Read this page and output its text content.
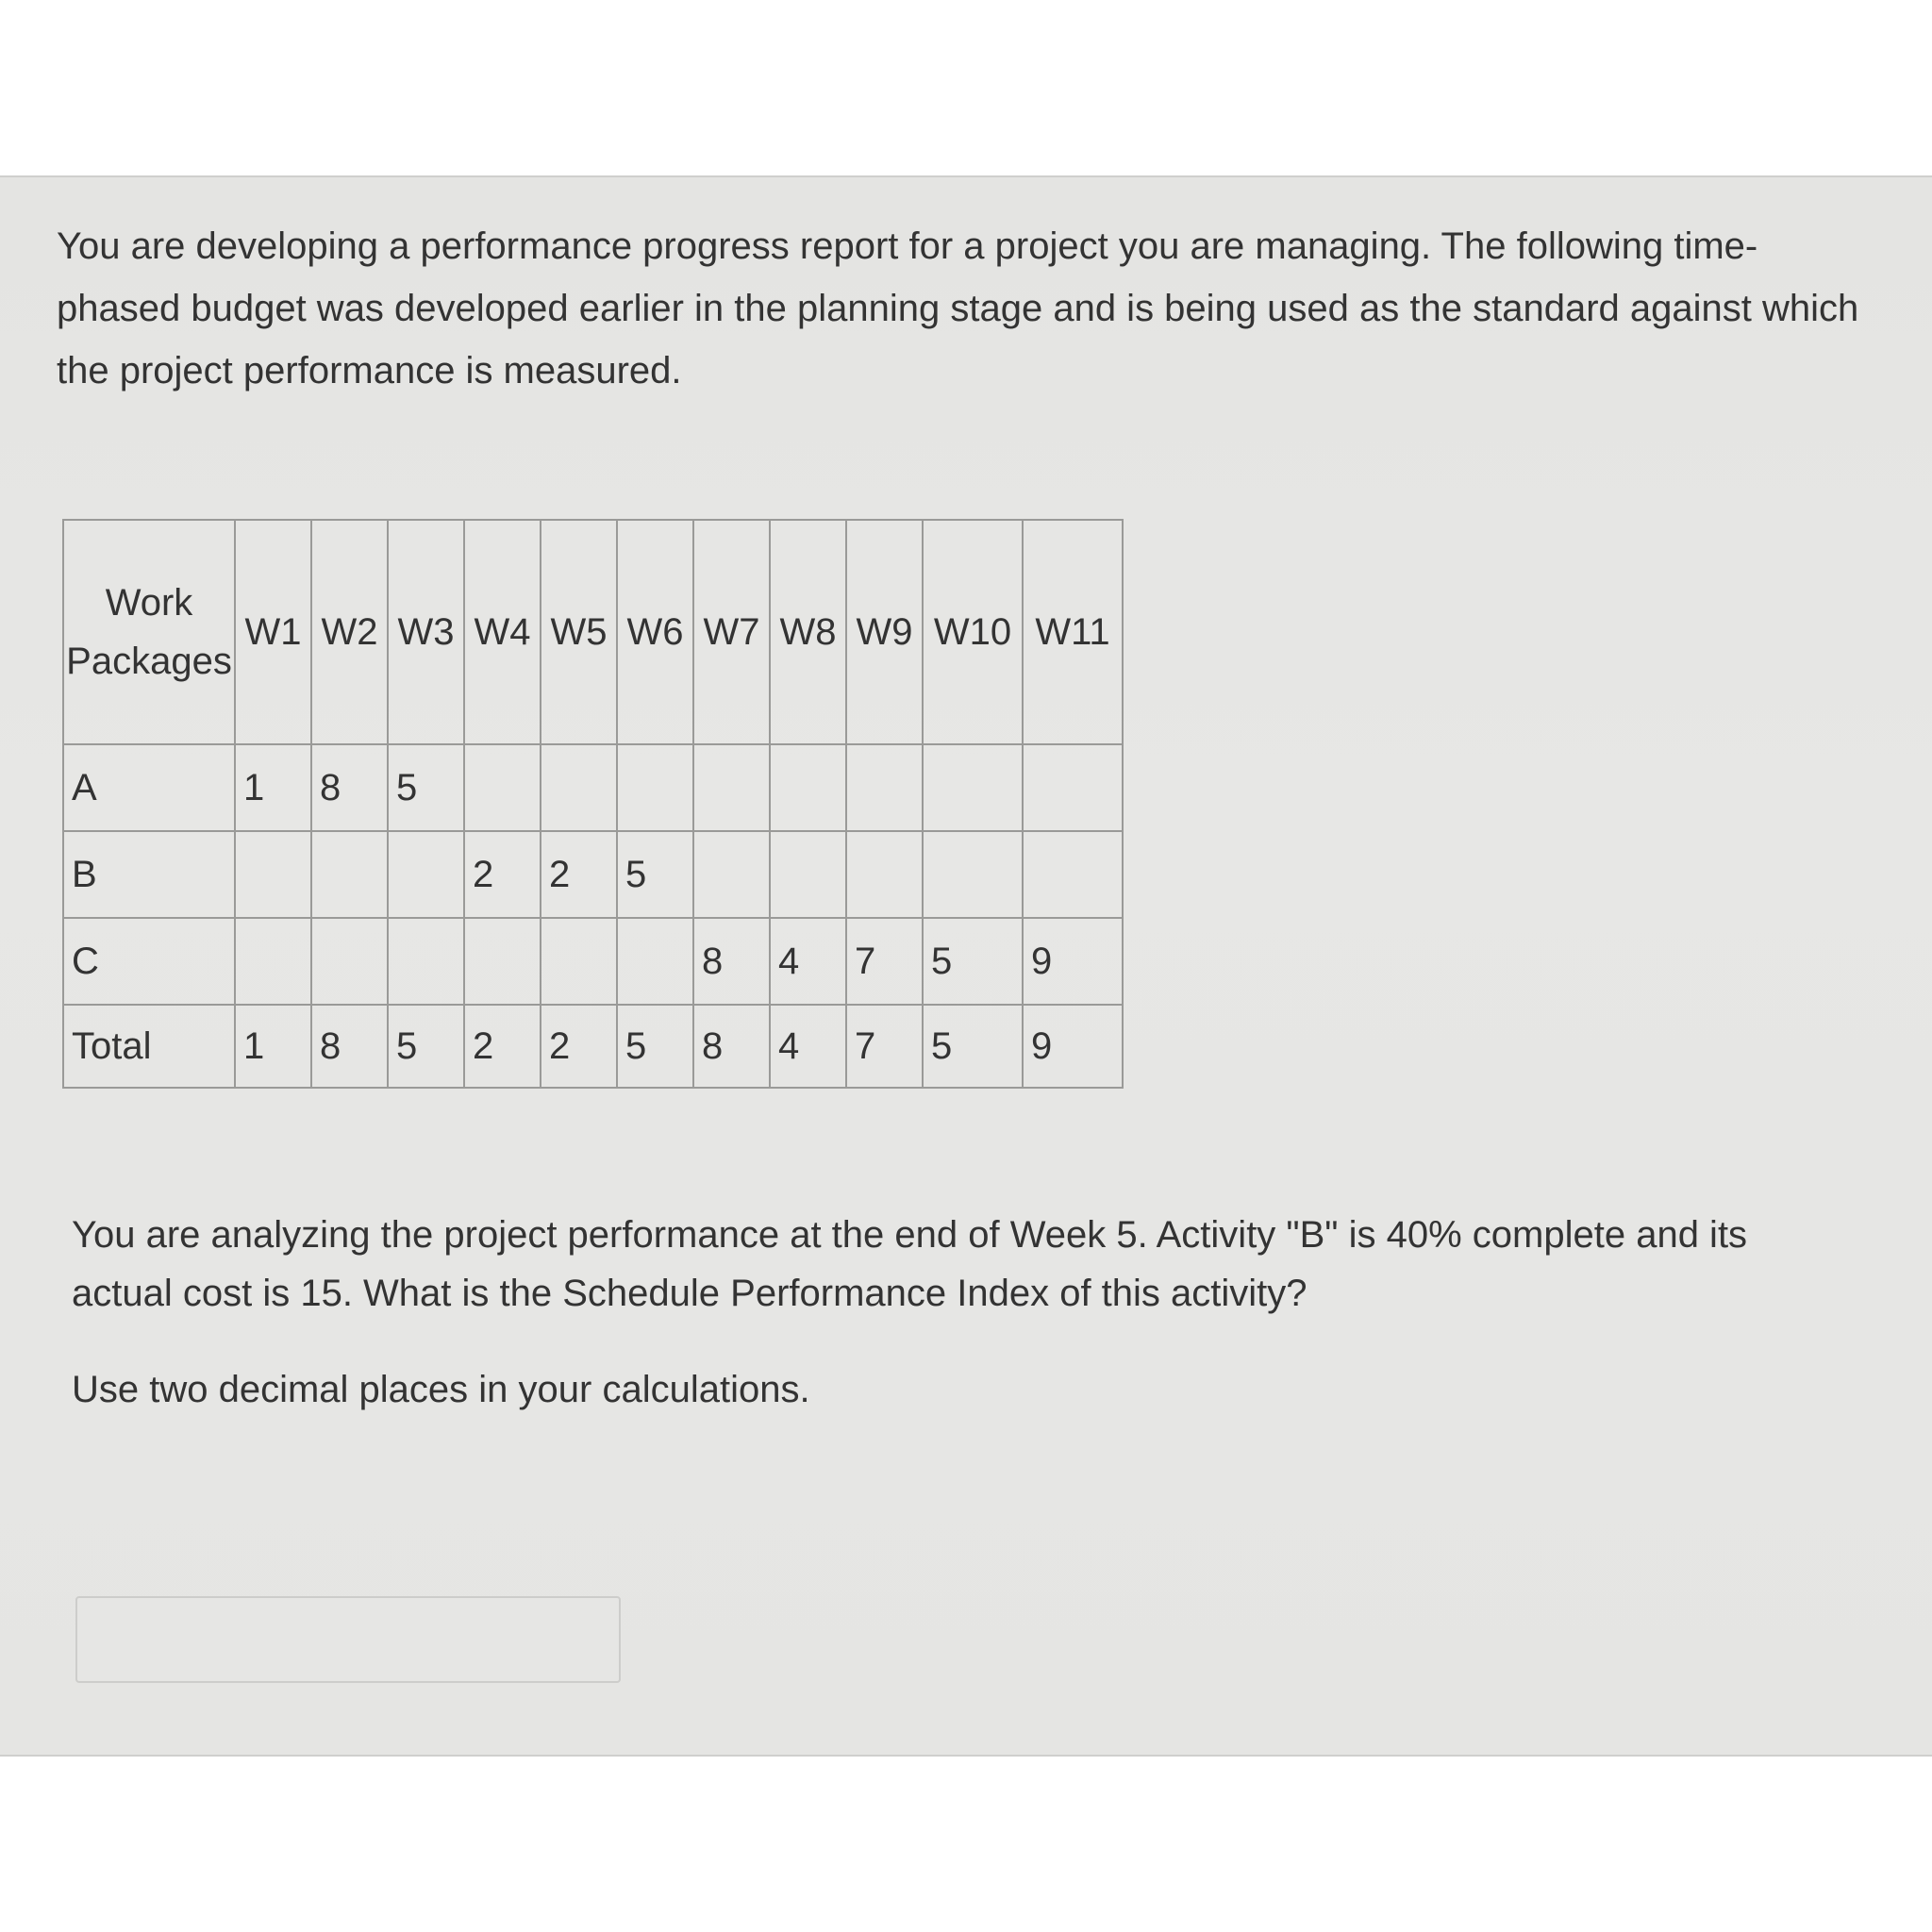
You are developing a performance progress report for a project you are managing. The following time-phased budget was developed earlier in the planning stage and is being used as the standard against which the project performance is measured.

Work Packages	W1	W2	W3	W4	W5	W6	W7	W8	W9	W10	W11
A	1	8	5								
B				2	2	5					
C							8	4	7	5	9
Total	1	8	5	2	2	5	8	4	7	5	9

You are analyzing the project performance at the end of Week 5. Activity "B" is 40% complete and its actual cost is 15. What is the Schedule Performance Index of this activity?

Use two decimal places in your calculations.
